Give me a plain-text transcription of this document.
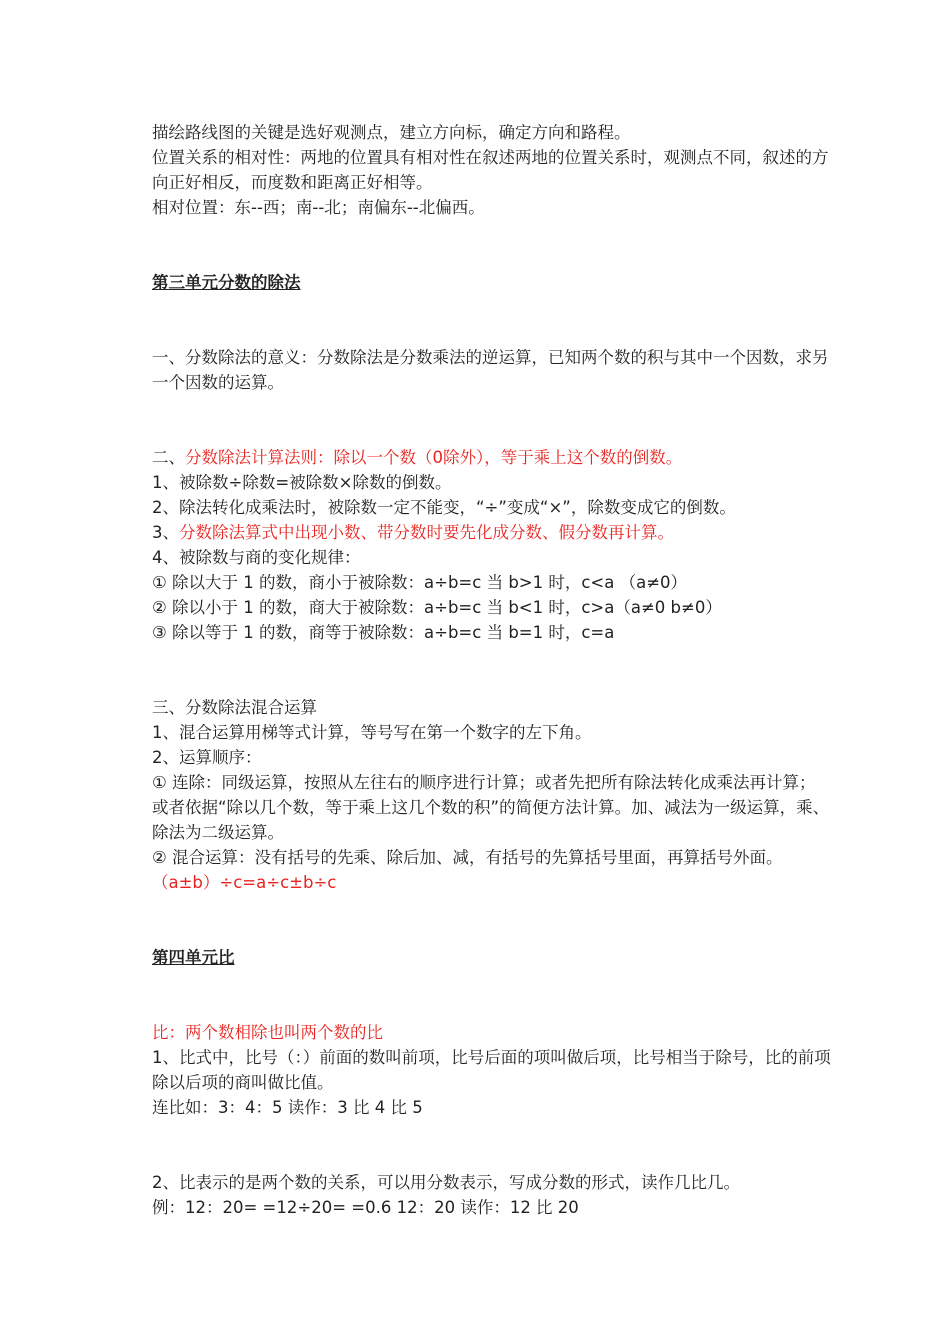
描绘路线图的关键是选好观测点，建立方向标，确定方向和路程。

位置关系的相对性：两地的位置具有相对性在叙述两地的位置关系时，观测点不同，叙述的方向正好相反，而度数和距离正好相等。

相对位置：东--西；南--北；南偏东--北偏西。

第三单元分数的除法

一、分数除法的意义：分数除法是分数乘法的逆运算，已知两个数的积与其中一个因数，求另一个因数的运算。

二、分数除法计算法则：除以一个数（0除外），等于乘上这个数的倒数。

1、被除数÷除数=被除数×除数的倒数。

2、除法转化成乘法时，被除数一定不能变，“÷”变成“×”，除数变成它的倒数。

3、分数除法算式中出现小数、带分数时要先化成分数、假分数再计算。

4、被除数与商的变化规律：

① 除以大于 1 的数，商小于被除数：a÷b=c 当 b>1 时，c<a （a≠0）

② 除以小于 1 的数，商大于被除数：a÷b=c 当 b<1 时，c>a（a≠0 b≠0）

③ 除以等于 1 的数，商等于被除数：a÷b=c 当 b=1 时，c=a

三、分数除法混合运算

1、混合运算用梯等式计算，等号写在第一个数字的左下角。

2、运算顺序：

① 连除：同级运算，按照从左往右的顺序进行计算；或者先把所有除法转化成乘法再计算；或者依据“除以几个数，等于乘上这几个数的积”的简便方法计算。加、减法为一级运算，乘、除法为二级运算。

② 混合运算：没有括号的先乘、除后加、减，有括号的先算括号里面，再算括号外面。

（a±b）÷c=a÷c±b÷c

第四单元比

比：两个数相除也叫两个数的比

1、比式中，比号（：）前面的数叫前项，比号后面的项叫做后项，比号相当于除号，比的前项除以后项的商叫做比值。

连比如：3：4：5 读作：3 比 4 比 5

2、比表示的是两个数的关系，可以用分数表示，写成分数的形式，读作几比几。

例：12：20= =12÷20= =0.6 12：20 读作：12 比 20
